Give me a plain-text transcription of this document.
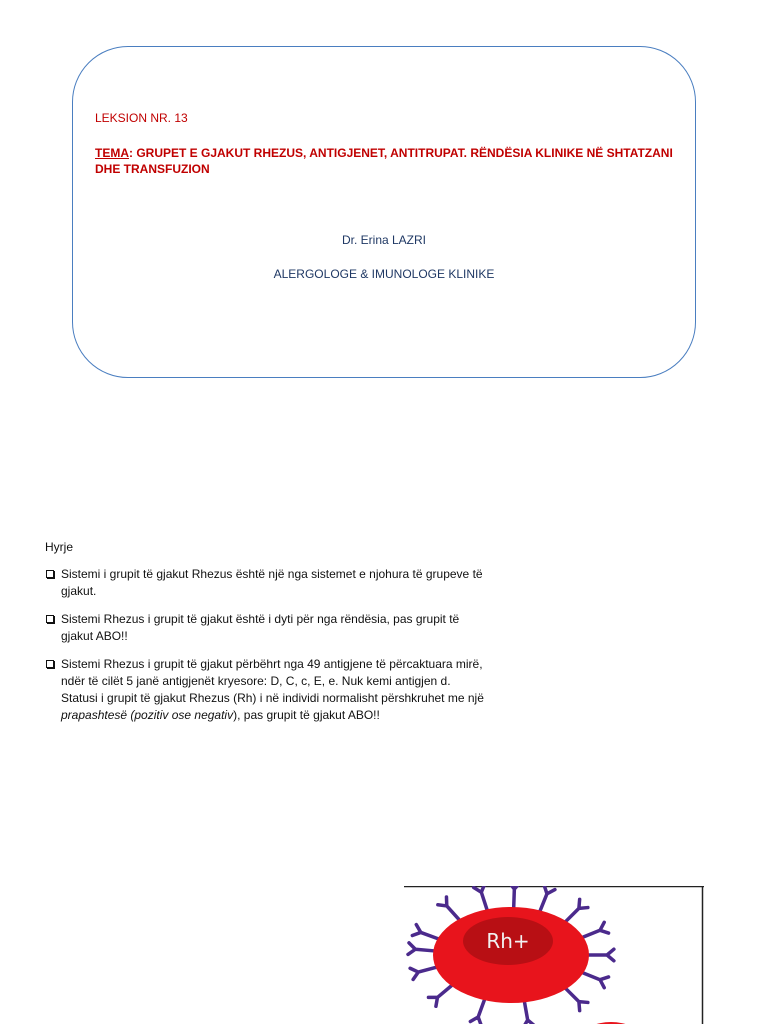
LEKSION NR. 13

TEMA: GRUPET E GJAKUT RHEZUS, ANTIGJENET, ANTITRUPAT. RËNDËSIA KLINIKE NË SHTATZANI DHE TRANSFUZION

Dr. Erina LAZRI

ALERGOLOGE & IMUNOLOGE KLINIKE

Hyrje

Sistemi i grupit të gjakut Rhezus është një nga sistemet e njohura të grupeve të gjakut.
Sistemi Rhezus i grupit të gjakut është i dyti për nga rëndësia, pas grupit të gjakut ABO!!
Sistemi Rhezus i grupit të gjakut përbëhrt nga 49 antigjene të përcaktuara mirë, ndër të cilët 5 janë antigjenët kryesore: D, C, c, E, e. Nuk kemi antigjen d. Statusi i grupit të gjakut Rhezus (Rh) i në individi normalisht përshkruhet me një prapashtesë (pozitiv ose negativ), pas grupit të gjakut ABO!!
Rh+
